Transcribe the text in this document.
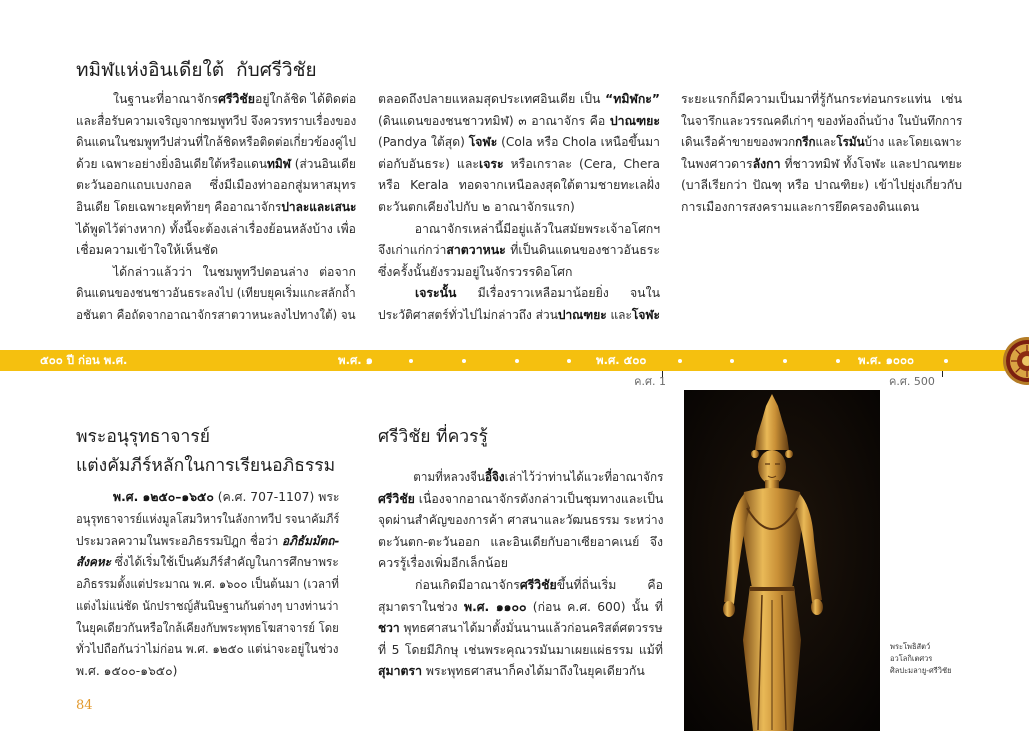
ทมิฬแห่งอินเดียใต้  กับศรีวิชัย
ในฐานะที่อาณาจักรศรีวิชัยอยู่ใกล้ชิด ได้ติดต่อ
และสื่อรับความเจริญจากชมพูทวีป จึงควรทราบเรื่องของ
ดินแดนในชมพูทวีปส่วนที่ใกล้ชิดหรือติดต่อเกี่ยวข้องคู่ไป
ด้วย เฉพาะอย่างยิ่งอินเดียใต้หรือแดนทมิฬ (ส่วนอินเดีย
ตะวันออกแถบเบงกอล ซึ่งมีเมืองท่าออกสู่มหาสมุทร
อินเดีย โดยเฉพาะยุคท้ายๆ คืออาณาจักรปาละและเสนะ
ได้พูดไว้ต่างหาก) ทั้งนี้จะต้องเล่าเรื่องย้อนหลังบ้าง เพื่อ
เชื่อมความเข้าใจให้เห็นชัด
ได้กล่าวแล้วว่า ในชมพูทวีปตอนล่าง ต่อจาก
ดินแดนของชนชาวอันธระลงไป (เทียบยุคเริ่มแกะสลักถ้ำ
อชันตา คือถัดจากอาณาจักรสาตวาหนะลงไปทางใต้) จน
ตลอดถึงปลายแหลมสุดประเทศอินเดีย เป็น “ทมิฬกะ”
(ดินแดนของชนชาวทมิฬ) ๓ อาณาจักร คือ ปาณฑยะ
(Pandya ใต้สุด) โจฬะ (Cola หรือ Chola เหนือขึ้นมา
ต่อกับอันธระ) และเจระ หรือเกราละ (Cera, Chera
หรือ Kerala ทอดจากเหนือลงสุดใต้ตามชายทะเลฝั่ง
ตะวันตกเคียงไปกับ ๒ อาณาจักรแรก)
อาณาจักรเหล่านี้มีอยู่แล้วในสมัยพระเจ้าอโศกฯ
จึงเก่าแก่กว่าสาตวาหนะ ที่เป็นดินแดนของชาวอันธระ
ซึ่งครั้งนั้นยังรวมอยู่ในจักรวรรดิอโศก
เจระนั้น มีเรื่องราวเหลือมาน้อยยิ่ง จนใน
ประวัติศาสตร์ทั่วไปไม่กล่าวถึง ส่วนปาณฑยะ และโจฬะ
ระยะแรกก็มีความเป็นมาที่รู้กันกระท่อนกระแท่น เช่น
ในจารึกและวรรณคดีเก่าๆ ของท้องถิ่นบ้าง ในบันทึกการ
เดินเรือค้าขายของพวกกรีกและโรมันบ้าง และโดยเฉพาะ
ในพงศาวดารลังกา ที่ชาวทมิฬ ทั้งโจฬะ และปาณฑยะ
(บาลีเรียกว่า ปัณฑุ หรือ ปาณฑิยะ) เข้าไปยุ่งเกี่ยวกับ
การเมืองการสงครามและการยึดครองดินแดน
๕๐๐ ปี ก่อน พ.ศ.	พ.ศ. ๑	พ.ศ. ๕๐๐	พ.ศ. ๑๐๐๐
ค.ศ. 1	ค.ศ. 500
พระอนุรุทธาจารย์
แต่งคัมภีร์หลักในการเรียนอภิธรรม
พ.ศ. ๑๒๕๐–๑๖๕๐ (ค.ศ. 707-1107) พระ
อนุรุทธาจารย์แห่งมูลโสมวิหารในลังกาทวีป รจนาคัมภีร์
ประมวลความในพระอภิธรรมปิฎก ชื่อว่า อภิธัมมัตถ-
สังคหะ ซึ่งได้เริ่มใช้เป็นคัมภีร์สำคัญในการศึกษาพระ
อภิธรรมตั้งแต่ประมาณ พ.ศ. ๑๖๐๐ เป็นต้นมา (เวลาที่
แต่งไม่แน่ชัด นักปราชญ์สันนิษฐานกันต่างๆ บางท่านว่า
ในยุคเดียวกันหรือใกล้เคียงกับพระพุทธโฆสาจารย์ โดย
ทั่วไปถือกันว่าไม่ก่อน พ.ศ. ๑๒๕๐ แต่น่าจะอยู่ในช่วง
พ.ศ. ๑๕๐๐-๑๖๕๐)
ศรีวิชัย ที่ควรรู้
ตามที่หลวงจีนอี้จิงเล่าไว้ว่าท่านได้แวะที่อาณาจักร
ศรีวิชัย เนื่องจากอาณาจักรดังกล่าวเป็นชุมทางและเป็น
จุดผ่านสำคัญของการค้า ศาสนาและวัฒนธรรม ระหว่าง
ตะวันตก-ตะวันออก และอินเดียกับอาเซียอาคเนย์ จึง
ควรรู้เรื่องเพิ่มอีกเล็กน้อย
ก่อนเกิดมีอาณาจักรศรีวิชัยขึ้นที่ถิ่นเริ่ม คือ
สุมาตราในช่วง พ.ศ. ๑๑๐๐ (ก่อน ค.ศ. 600) นั้น ที่
ชวา พุทธศาสนาได้มาตั้งมั่นนานแล้วก่อนคริสต์ศตวรรษ
ที่ 5 โดยมีภิกษุ เช่นพระคุณวรมันมาเผยแผ่ธรรม แม้ที่
สุมาตรา พระพุทธศาสนาก็คงได้มาถึงในยุคเดียวกัน
พระโพธิสัตว์
อวโลกิเตศวร
ศิลปะมลายู-ศรีวิชัย
84
